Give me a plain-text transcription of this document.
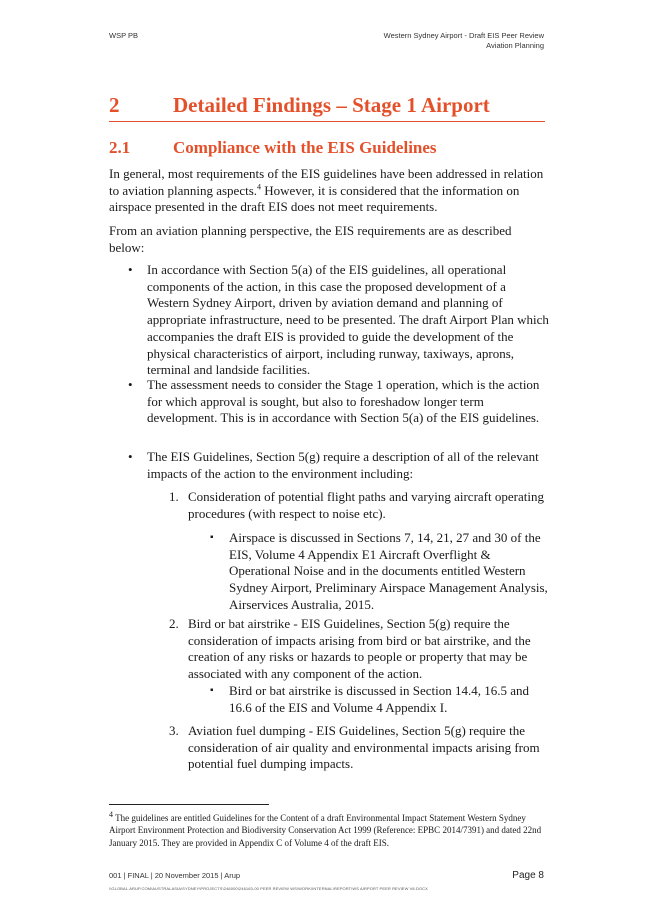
WSP PB	Western Sydney Airport - Draft EIS Peer Review
Aviation Planning
2	Detailed Findings – Stage 1 Airport
2.1	Compliance with the EIS Guidelines

In general, most requirements of the EIS guidelines have been addressed in relation to aviation planning aspects.$^4$ However, it is considered that the information on airspace presented in the draft EIS does not meet requirements.

From an aviation planning perspective, the EIS requirements are as described below:

• In accordance with Section 5(a) of the EIS guidelines, all operational components of the action, in this case the proposed development of a Western Sydney Airport, driven by aviation demand and planning of appropriate infrastructure, need to be presented. The draft Airport Plan which accompanies the draft EIS is provided to guide the development of the physical characteristics of airport, including runway, taxiways, aprons, terminal and landside facilities.
• The assessment needs to consider the Stage 1 operation, which is the action for which approval is sought, but also to foreshadow longer term development. This is in accordance with Section 5(a) of the EIS guidelines.
• The EIS Guidelines, Section 5(g) require a description of all of the relevant impacts of the action to the environment including:
1. Consideration of potential flight paths and varying aircraft operating procedures (with respect to noise etc).
▪ Airspace is discussed in Sections 7, 14, 21, 27 and 30 of the EIS, Volume 4 Appendix E1 Aircraft Overflight & Operational Noise and in the documents entitled Western Sydney Airport, Preliminary Airspace Management Analysis, Airservices Australia, 2015.
2. Bird or bat airstrike - EIS Guidelines, Section 5(g) require the consideration of impacts arising from bird or bat airstrike, and the creation of any risks or hazards to people or property that may be associated with any component of the action.
▪ Bird or bat airstrike is discussed in Section 14.4, 16.5 and 16.6 of the EIS and Volume 4 Appendix I.
3. Aviation fuel dumping - EIS Guidelines, Section 5(g) require the consideration of air quality and environmental impacts arising from potential fuel dumping impacts.
$^4$ The guidelines are entitled Guidelines for the Content of a draft Environmental Impact Statement Western Sydney Airport Environment Protection and Biodiversity Conservation Act 1999 (Reference: EPBC 2014/7391) and dated 22nd January 2015. They are provided in Appendix C of Volume 4 of the draft EIS.
001 | FINAL | 20 November 2015 | Arup
\\GLOBAL.ARUP.COM\AUSTRALASIA\SYDNEY\PROJECTS\246000\246163-00 PEER REVIEW WS\WORK\INTERNAL\REPORT\WS AIRPORT PEER REVIEW V8.DOCX
Page 8
